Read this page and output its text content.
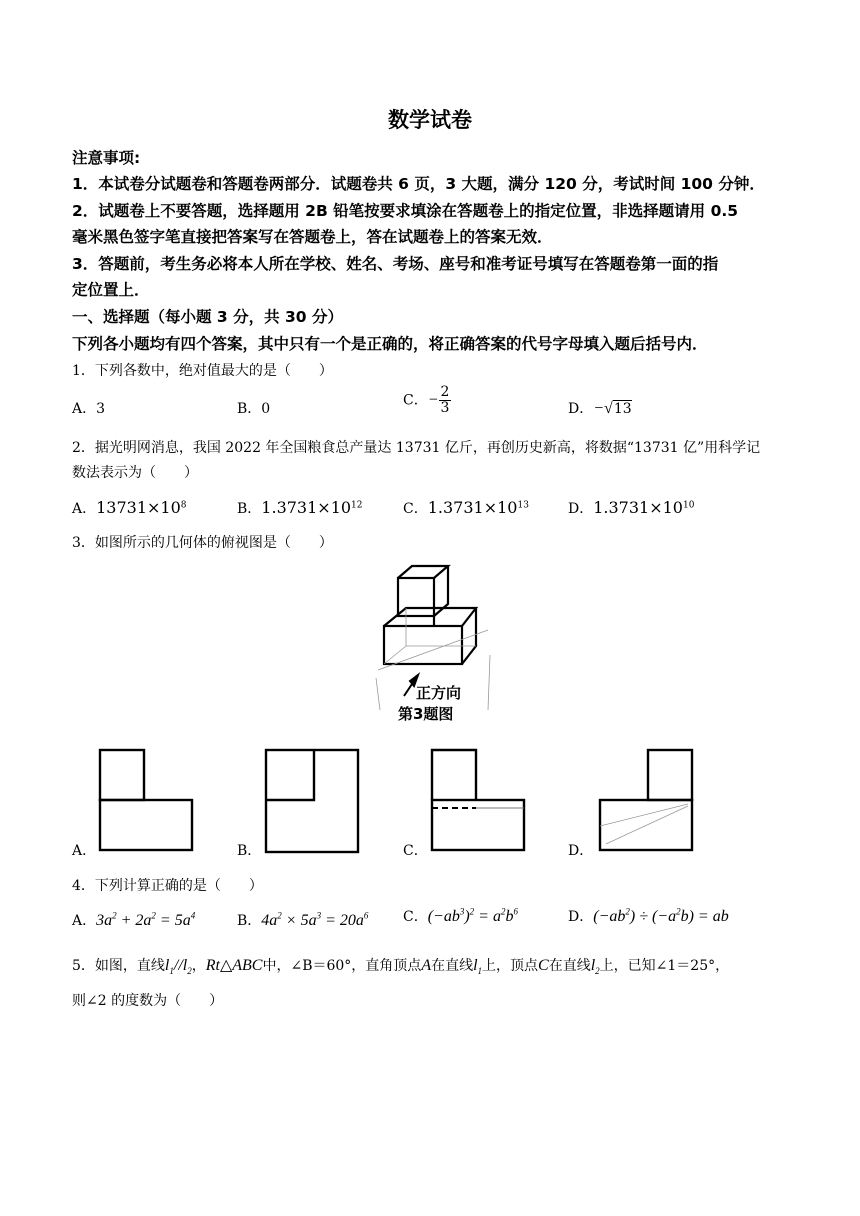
数学试卷
注意事项:
1．本试卷分试题卷和答题卷两部分．试题卷共 6 页，3 大题，满分 120 分，考试时间 100 分钟．
2．试题卷上不要答题，选择题用 2B 铅笔按要求填涂在答题卷上的指定位置，非选择题请用 0.5
毫米黑色签字笔直接把答案写在答题卷上，答在试题卷上的答案无效．
3．答题前，考生务必将本人所在学校、姓名、考场、座号和准考证号填写在答题卷第一面的指
定位置上．
一、选择题（每小题 3 分，共 30 分）
下列各小题均有四个答案，其中只有一个是正确的，将正确答案的代号字母填入题后括号内．
1．下列各数中，绝对值最大的是（　　）
A．3	B．0
C．− $\frac{2}{3}$	D．−√13
2．据光明网消息，我国 2022 年全国粮食总产量达 13731 亿斤，再创历史新高，将数据“13731 亿”用科学记
数法表示为（　　）
A．$13731\times 10^8$	B．$1.3731\times 10^{12}$	C．$1.3731\times 10^{13}$	D．$1.3731\times 10^{10}$
3．如图所示的几何体的俯视图是（　　）
正方向
第3题图
A．	B．	C．	D．
4．下列计算正确的是（　　）
A．$3a^2 + 2a^2 = 5a^4$	B．$4a^2 \times 5a^3 = 20a^6$ C．$(-ab^3)^2 = a^2b^6$	D．$(-ab^2) \div (-a^2b)$ = ab
5．如图，直线$l_1//l_2$，Rt△ABC中，∠B＝60°，直角顶点A在直线$l_1$上，顶点C在直线$l_2$上，已知∠1＝25°，
则∠2 的度数为（　　）
